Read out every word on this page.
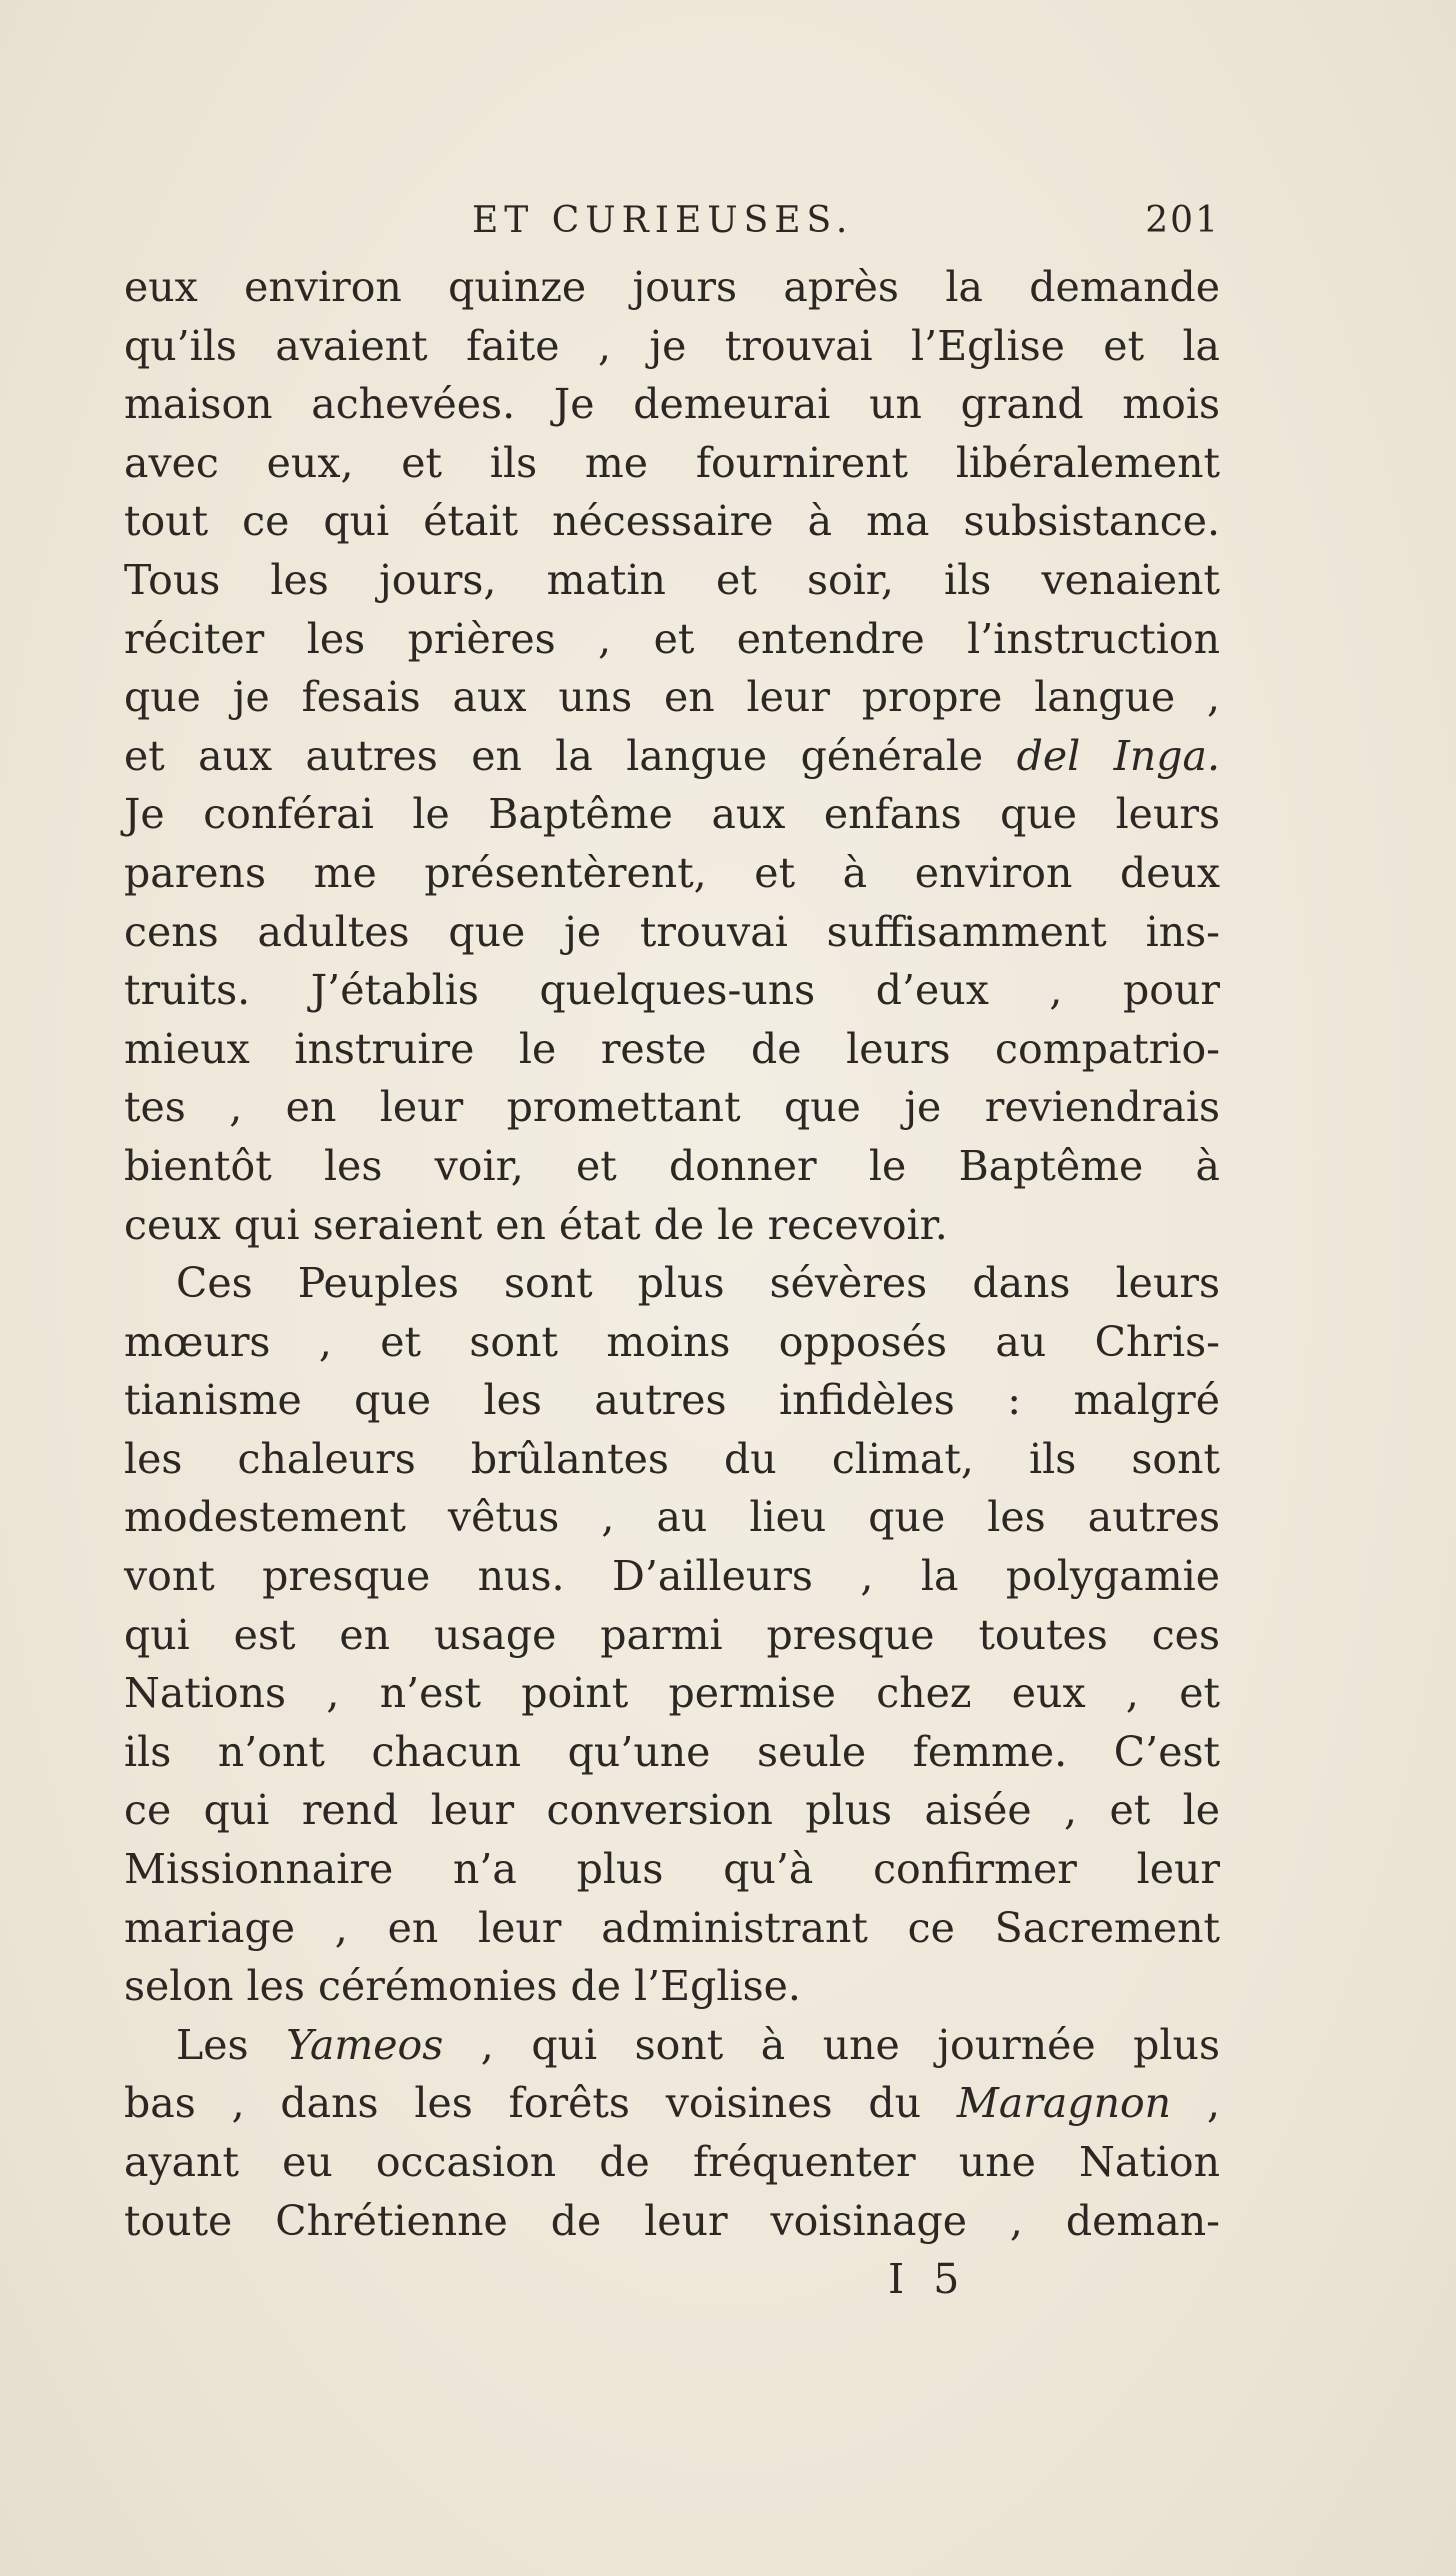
ET CURIEUSES.	201
eux environ quinze jours après la demande
qu’ils avaient faite , je trouvai l’Eglise et la
maison achevées. Je demeurai un grand mois
avec eux, et ils me fournirent libéralement
tout ce qui était nécessaire à ma subsistance.
Tous les jours, matin et soir, ils venaient
réciter les prières , et entendre l’instruction
que je fesais aux uns en leur propre langue ,
et aux autres en la langue générale del Inga.
Je conférai le Baptême aux enfans que leurs
parens me présentèrent, et à environ deux
cens adultes que je trouvai suffisamment ins-
truits. J’établis quelques-uns d’eux , pour
mieux instruire le reste de leurs compatrio-
tes , en leur promettant que je reviendrais
bientôt les voir, et donner le Baptême à
ceux qui seraient en état de le recevoir.
Ces Peuples sont plus sévères dans leurs
mœurs , et sont moins opposés au Chris-
tianisme que les autres infidèles : malgré
les chaleurs brûlantes du climat, ils sont
modestement vêtus , au lieu que les autres
vont presque nus. D’ailleurs , la polygamie
qui est en usage parmi presque toutes ces
Nations , n’est point permise chez eux , et
ils n’ont chacun qu’une seule femme. C’est
ce qui rend leur conversion plus aisée , et le
Missionnaire n’a plus qu’à confirmer leur
mariage , en leur administrant ce Sacrement
selon les cérémonies de l’Eglise.
Les Yameos , qui sont à une journée plus
bas , dans les forêts voisines du Maragnon ,
ayant eu occasion de fréquenter une Nation
toute Chrétienne de leur voisinage , deman-
I 5
